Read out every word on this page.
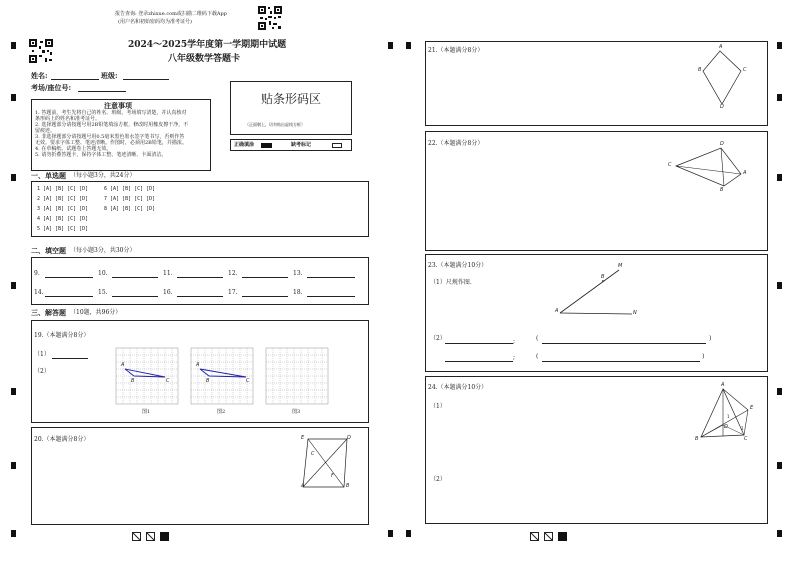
报告查询: 登录zhixue.com或扫描二维码下载App
(用户名和初始密码均为准考证号)
2024～2025学年度第一学期期中试题
八年级数学答题卡
姓名:	班级:
考场/座位号:
注意事项
1. 答题前，考生先将自己的姓名、班级、考场填写清楚，并认真核对
条形码上的姓名和准考证号。
2. 选择题部分请按题号用2B铅笔填涂方框，修改时用橡皮擦干净，不
留痕迹。
3. 非选择题部分请按题号用0.5毫米黑色墨水签字笔书写，否则作答
无效。要求字体工整、笔迹清晰。作图时，必须用2B铅笔，并描浓。
4. 在草稿纸、试题卷上答题无效。
5. 请勿折叠答题卡，保持字体工整、笔迹清晰、卡面清洁。
贴条形码区
（正面朝上，切勿贴出虚线方框）
正确填涂	缺考标记
一、单选题 （每小题3分，共24分）
1 [A] [B] [C] [D]	6 [A] [B] [C] [D]
2 [A] [B] [C] [D]	7 [A] [B] [C] [D]
3 [A] [B] [C] [D]	8 [A] [B] [C] [D]
4 [A] [B] [C] [D]
5 [A] [B] [C] [D]
二、填空题 （每小题3分，共30分）
9.	10.	11.	12.	13.
14.	15.	16.	17.	18.
三、解答题 （10题，共96分）
19.（本题满分8分）
（1）
（2）
A
B	C
A
B	C
图1	图2	图3
20.（本题满分8分）	E	D
C
F
A	B
21.（本题满分8分）	A
B	C
D
22.（本题满分8分）	D
C
A
B
23.（本题满分10分）
（1）尺规作图.
（2）	;	(	)
;	(	)
M
B
A	N
24.（本题满分10分）
（1）
（2）
A
E
D
B	C
1
2
